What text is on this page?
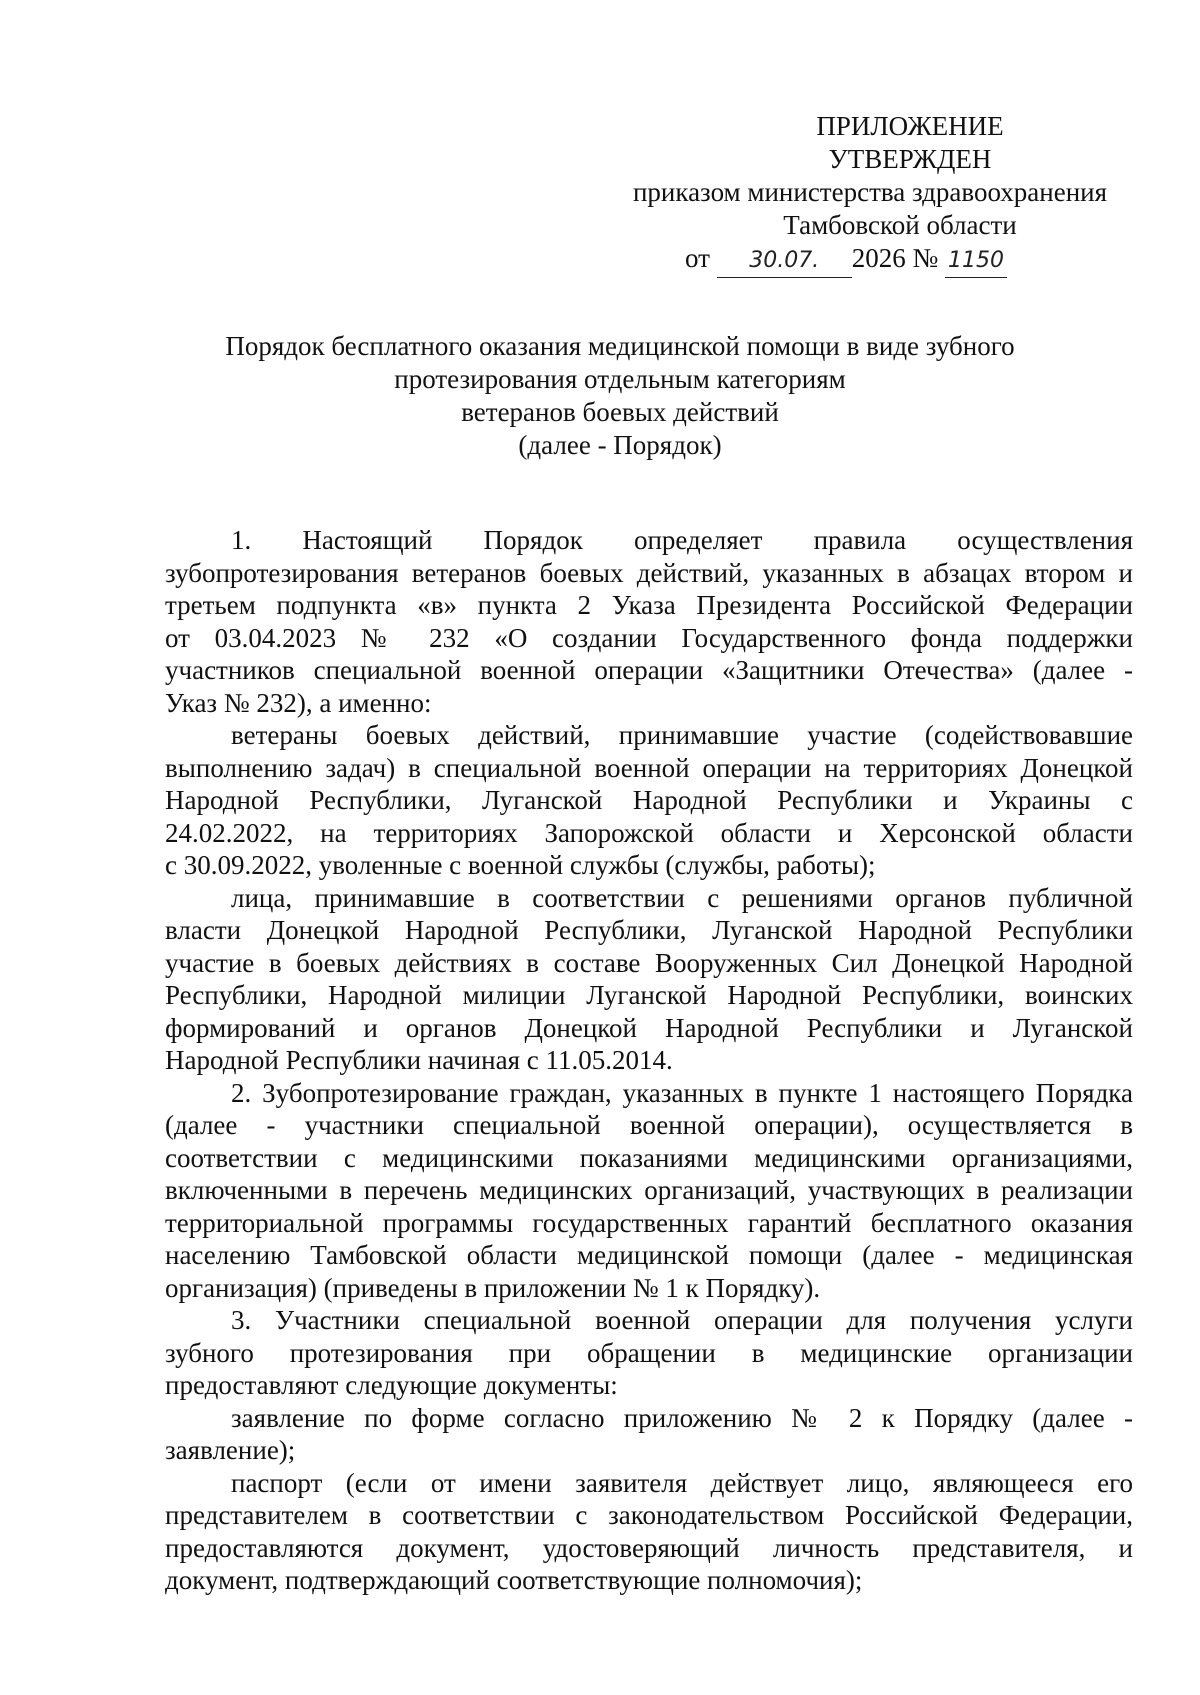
ПРИЛОЖЕНИЕ
УТВЕРЖДЕН
приказом министерства здравоохранения
Тамбовской области
от 30.07. 2026 № 1150
Порядок бесплатного оказания медицинской помощи в виде зубного
протезирования отдельным категориям
ветеранов боевых действий
(далее - Порядок)
1. Настоящий Порядок определяет правила осуществления
зубопротезирования ветеранов боевых действий, указанных в абзацах втором и
третьем подпункта «в» пункта 2 Указа Президента Российской Федерации
от 03.04.2023 № 232 «О создании Государственного фонда поддержки
участников специальной военной операции «Защитники Отечества» (далее -
Указ № 232), а именно:
ветераны боевых действий, принимавшие участие (содействовавшие
выполнению задач) в специальной военной операции на территориях Донецкой
Народной Республики, Луганской Народной Республики и Украины с
24.02.2022, на территориях Запорожской области и Херсонской области
с 30.09.2022, уволенные с военной службы (службы, работы);
лица, принимавшие в соответствии с решениями органов публичной
власти Донецкой Народной Республики, Луганской Народной Республики
участие в боевых действиях в составе Вооруженных Сил Донецкой Народной
Республики, Народной милиции Луганской Народной Республики, воинских
формирований и органов Донецкой Народной Республики и Луганской
Народной Республики начиная с 11.05.2014.
2. Зубопротезирование граждан, указанных в пункте 1 настоящего Порядка
(далее - участники специальной военной операции), осуществляется в
соответствии с медицинскими показаниями медицинскими организациями,
включенными в перечень медицинских организаций, участвующих в реализации
территориальной программы государственных гарантий бесплатного оказания
населению Тамбовской области медицинской помощи (далее - медицинская
организация) (приведены в приложении № 1 к Порядку).
3. Участники специальной военной операции для получения услуги
зубного протезирования при обращении в медицинские организации
предоставляют следующие документы:
заявление по форме согласно приложению № 2 к Порядку (далее -
заявление);
паспорт (если от имени заявителя действует лицо, являющееся его
представителем в соответствии с законодательством Российской Федерации,
предоставляются документ, удостоверяющий личность представителя, и
документ, подтверждающий соответствующие полномочия);
